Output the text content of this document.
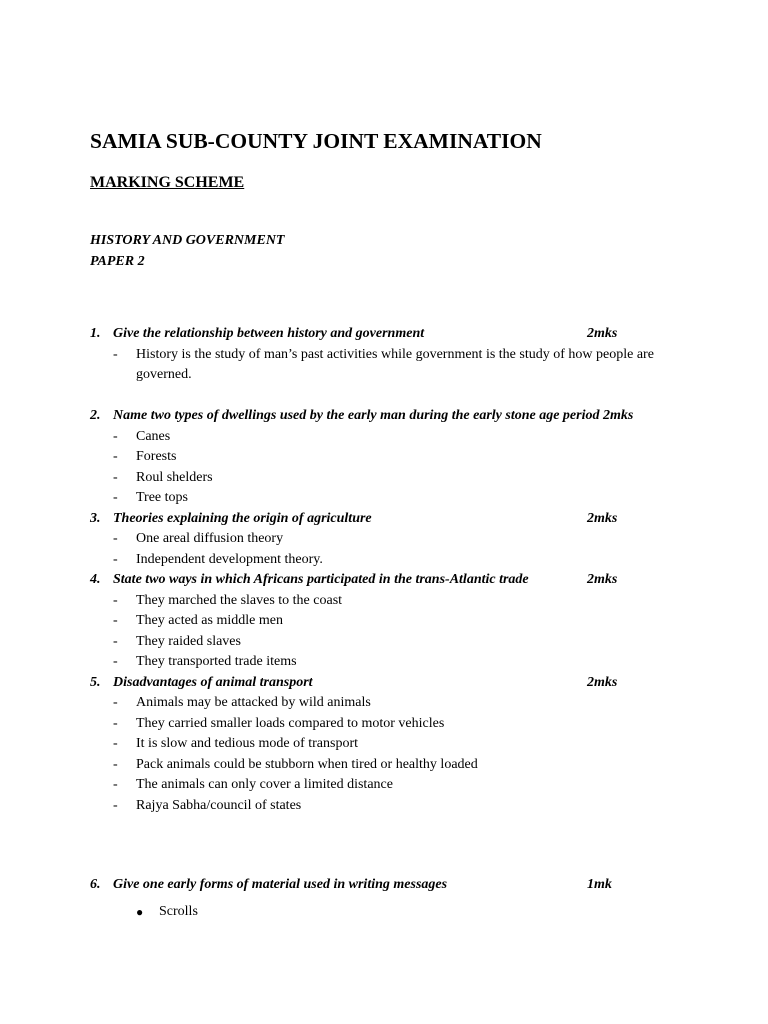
SAMIA SUB-COUNTY JOINT EXAMINATION
MARKING SCHEME
HISTORY AND GOVERNMENT
PAPER 2
1. Give the relationship between history and government	2mks
-	History is the study of man’s past activities while government is the study of how people are governed.
2. Name two types of dwellings used by the early man during the early stone age period 2mks
-	Canes
-	Forests
-	Roul shelders
-	Tree tops
3. Theories explaining the origin of agriculture	2mks
-	One areal diffusion theory
-	Independent development theory.
4. State two ways in which Africans participated in the trans-Atlantic trade	2mks
-	They marched the slaves to the coast
-	They acted as middle men
-	They raided slaves
-	They transported trade items
5. Disadvantages of animal transport	2mks
-	Animals may be attacked by wild animals
-	They carried smaller loads compared to motor vehicles
-	It is slow and tedious mode of transport
-	Pack animals could be stubborn when tired or healthy loaded
-	The animals can only cover a limited distance
-	Rajya Sabha/council of states
6. Give one early forms of material used in writing messages	1mk
●	Scrolls
